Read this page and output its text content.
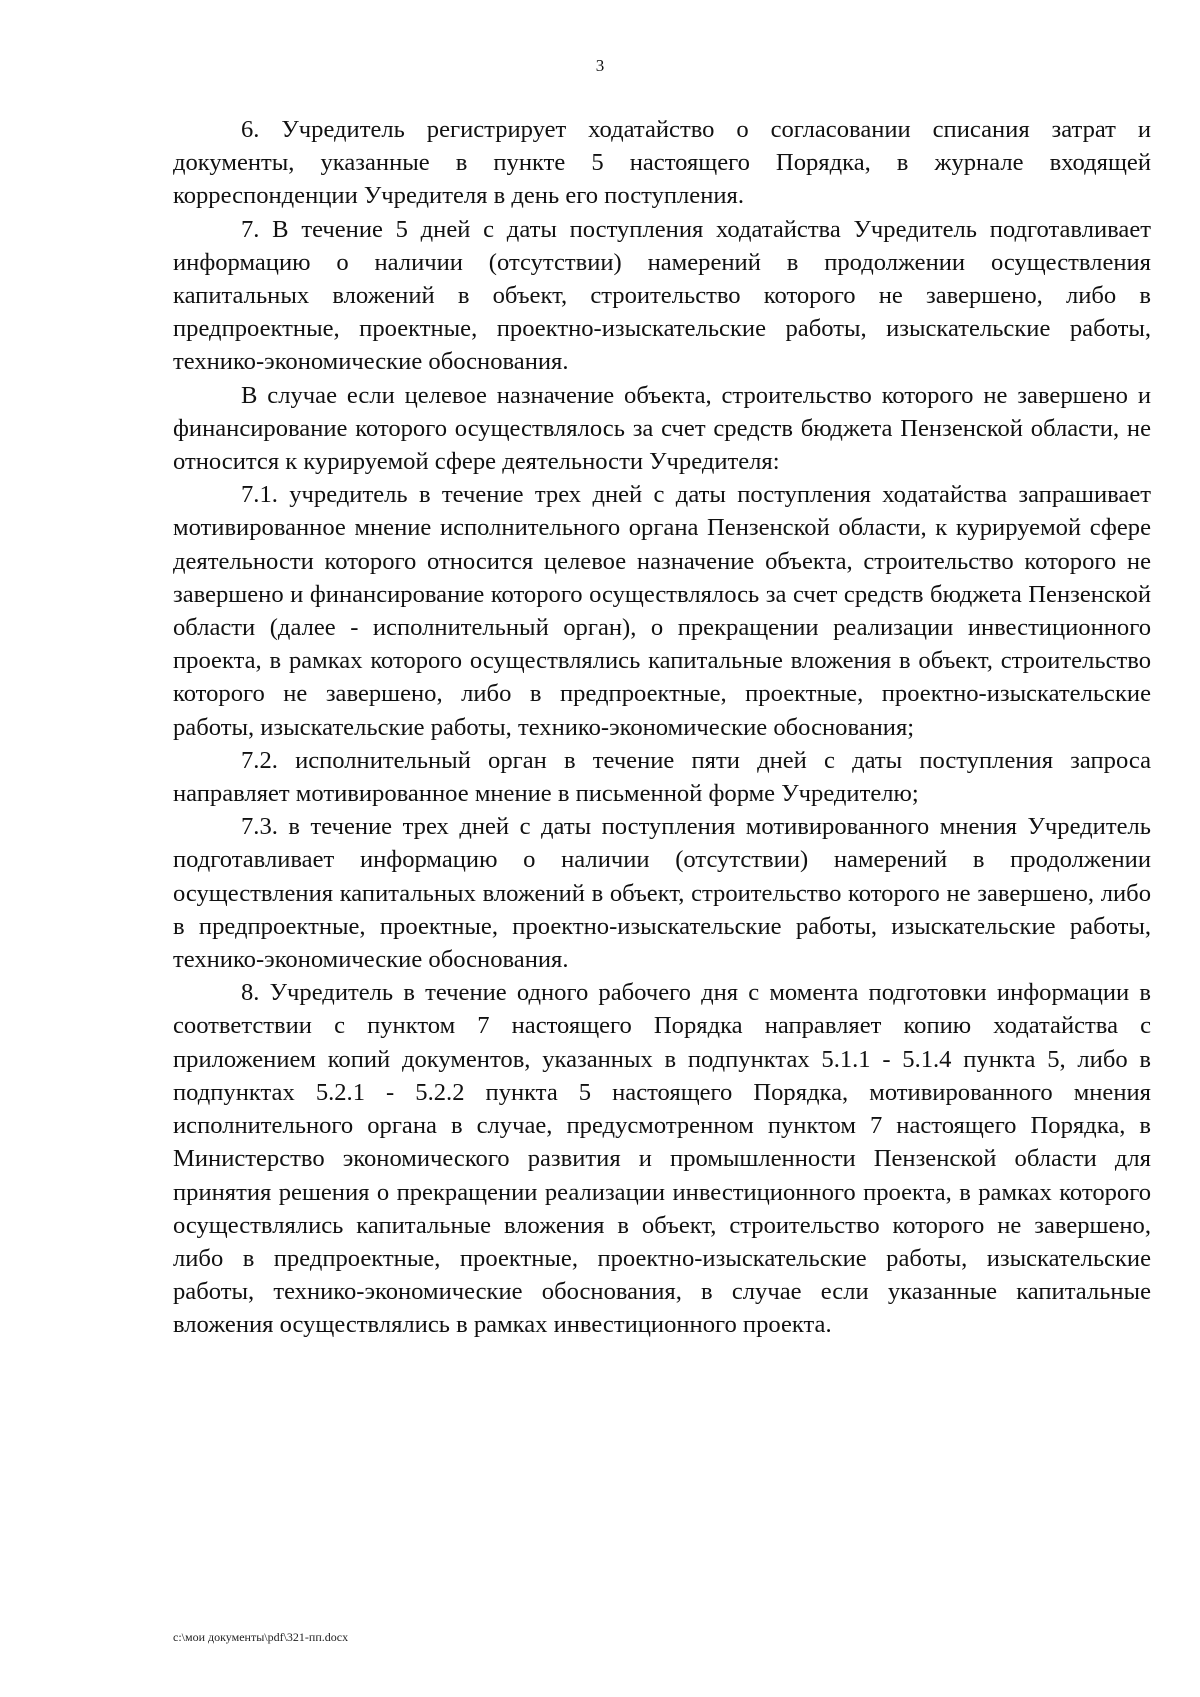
3

6. Учредитель регистрирует ходатайство о согласовании списания затрат и документы, указанные в пункте 5 настоящего Порядка, в журнале входящей корреспонденции Учредителя в день его поступления.

7. В течение 5 дней с даты поступления ходатайства Учредитель подготавливает информацию о наличии (отсутствии) намерений в продолжении осуществления капитальных вложений в объект, строительство которого не завершено, либо в предпроектные, проектные, проектно-изыскательские работы, изыскательские работы, технико-экономические обоснования.

В случае если целевое назначение объекта, строительство которого не завершено и финансирование которого осуществлялось за счет средств бюджета Пензенской области, не относится к курируемой сфере деятельности Учредителя:

7.1. учредитель в течение трех дней с даты поступления ходатайства запрашивает мотивированное мнение исполнительного органа Пензенской области, к курируемой сфере деятельности которого относится целевое назначение объекта, строительство которого не завершено и финансирование которого осуществлялось за счет средств бюджета Пензенской области (далее - исполнительный орган), о прекращении реализации инвестиционного проекта, в рамках которого осуществлялись капитальные вложения в объект, строительство которого не завершено, либо в предпроектные, проектные, проектно-изыскательские работы, изыскательские работы, технико-экономические обоснования;

7.2. исполнительный орган в течение пяти дней с даты поступления запроса направляет мотивированное мнение в письменной форме Учредителю;

7.3. в течение трех дней с даты поступления мотивированного мнения Учредитель подготавливает информацию о наличии (отсутствии) намерений в продолжении осуществления капитальных вложений в объект, строительство которого не завершено, либо в предпроектные, проектные, проектно-изыскательские работы, изыскательские работы, технико-экономические обоснования.

8. Учредитель в течение одного рабочего дня с момента подготовки информации в соответствии с пунктом 7 настоящего Порядка направляет копию ходатайства с приложением копий документов, указанных в подпунктах 5.1.1 - 5.1.4 пункта 5, либо в подпунктах 5.2.1 - 5.2.2 пункта 5 настоящего Порядка, мотивированного мнения исполнительного органа в случае, предусмотренном пунктом 7 настоящего Порядка, в Министерство экономического развития и промышленности Пензенской области для принятия решения о прекращении реализации инвестиционного проекта, в рамках которого осуществлялись капитальные вложения в объект, строительство которого не завершено, либо в предпроектные, проектные, проектно-изыскательские работы, изыскательские работы, технико-экономические обоснования, в случае если указанные капитальные вложения осуществлялись в рамках инвестиционного проекта.

c:\мои документы\pdf\321-пп.docx
